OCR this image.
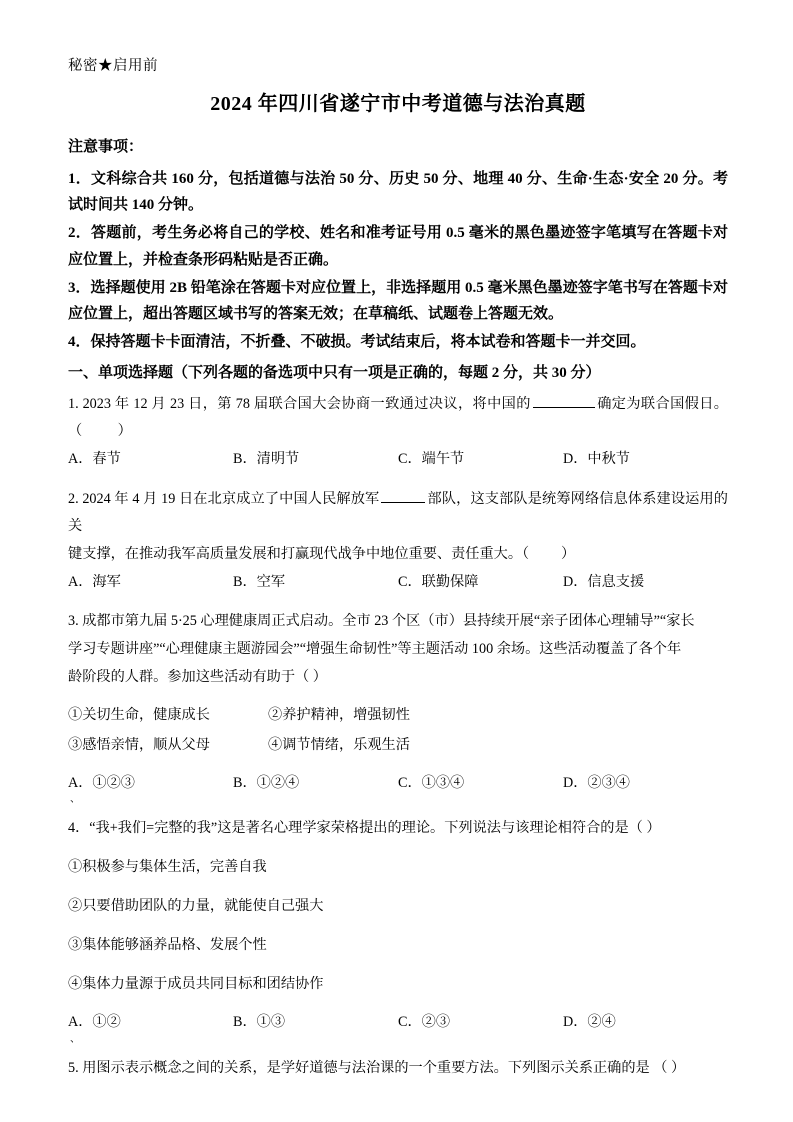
秘密★启用前
2024 年四川省遂宁市中考道德与法治真题
注意事项：
1．文科综合共 160 分，包括道德与法治 50 分、历史 50 分、地理 40 分、生命·生态·安全 20 分。考试时间共 140 分钟。
2．答题前，考生务必将自己的学校、姓名和准考证号用 0.5 毫米的黑色墨迹签字笔填写在答题卡对应位置上，并检查条形码粘贴是否正确。
3．选择题使用 2B 铅笔涂在答题卡对应位置上，非选择题用 0.5 毫米黑色墨迹签字笔书写在答题卡对应位置上，超出答题区域书写的答案无效；在草稿纸、试题卷上答题无效。
4．保持答题卡卡面清洁，不折叠、不破损。考试结束后，将本试卷和答题卡一并交回。
一、单项选择题（下列各题的备选项中只有一项是正确的，每题 2 分，共 30 分）
1. 2023 年 12 月 23 日，第 78 届联合国大会协商一致通过决议，将中国的	确定为联合国假日。（          ）
A．春节	B．清明节	C．端午节	D．中秋节
2. 2024 年 4 月 19 日在北京成立了中国人民解放军	部队，这支部队是统筹网络信息体系建设运用的关
键支撑，在推动我军高质量发展和打赢现代战争中地位重要、责任重大。（         ）
A．海军	B．空军	C．联勤保障	D．信息支援
3. 成都市第九届 5·25 心理健康周正式启动。全市 23 个区（市）县持续开展“亲子团体心理辅导”“家长
学习专题讲座”“心理健康主题游园会”“增强生命韧性”等主题活动 100 余场。这些活动覆盖了各个年
龄阶段的人群。参加这些活动有助于（ ）
①关切生命，健康成长	②养护精神，增强韧性
③感悟亲情，顺从父母	④调节情绪，乐观生活
A．①②③	B．①②④	C．①③④	D．②③④
、
4．“我+我们=完整的我”这是著名心理学家荣格提出的理论。下列说法与该理论相符合的是（ ）
①积极参与集体生活，完善自我
②只要借助团队的力量，就能使自己强大
③集体能够涵养品格、发展个性
④集体力量源于成员共同目标和团结协作
A．①②	B．①③	C．②③	D．②④
、
5. 用图示表示概念之间的关系，是学好道德与法治课的一个重要方法。下列图示关系正确的是 （ ）
